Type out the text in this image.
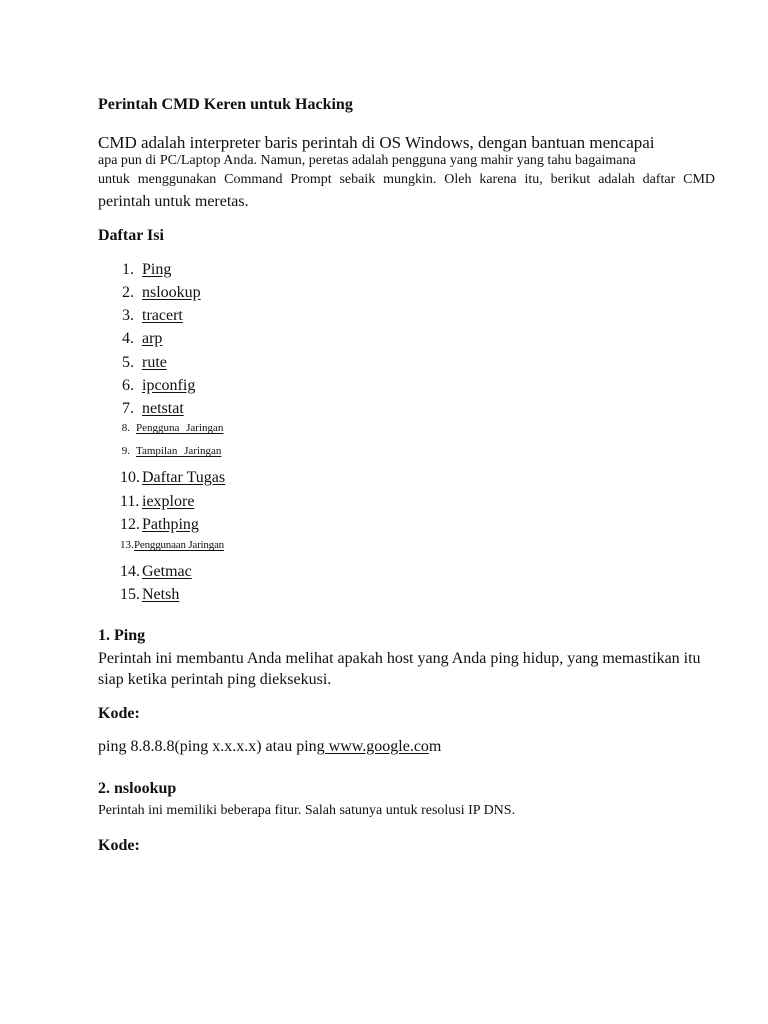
Perintah CMD Keren untuk Hacking
CMD adalah interpreter baris perintah di OS Windows, dengan bantuan mencapai
apa pun di PC/Laptop Anda. Namun, peretas adalah pengguna yang mahir yang tahu bagaimana
untuk menggunakan Command Prompt sebaik mungkin. Oleh karena itu, berikut adalah daftar CMD
perintah untuk meretas.
Daftar Isi
1. Ping
2. nslookup
3. tracert
4. arp
5. rute
6. ipconfig
7. netstat
8. Pengguna Jaringan
9. Tampilan Jaringan
10. Daftar Tugas
11. iexplore
12. Pathping
13. Penggunaan Jaringan
14. Getmac
15. Netsh
1. Ping
Perintah ini membantu Anda melihat apakah host yang Anda ping hidup, yang memastikan itu
siap ketika perintah ping dieksekusi.
Kode:
ping 8.8.8.8(ping x.x.x.x) atau ping www.google.com
2. nslookup
Perintah ini memiliki beberapa fitur. Salah satunya untuk resolusi IP DNS.
Kode:
